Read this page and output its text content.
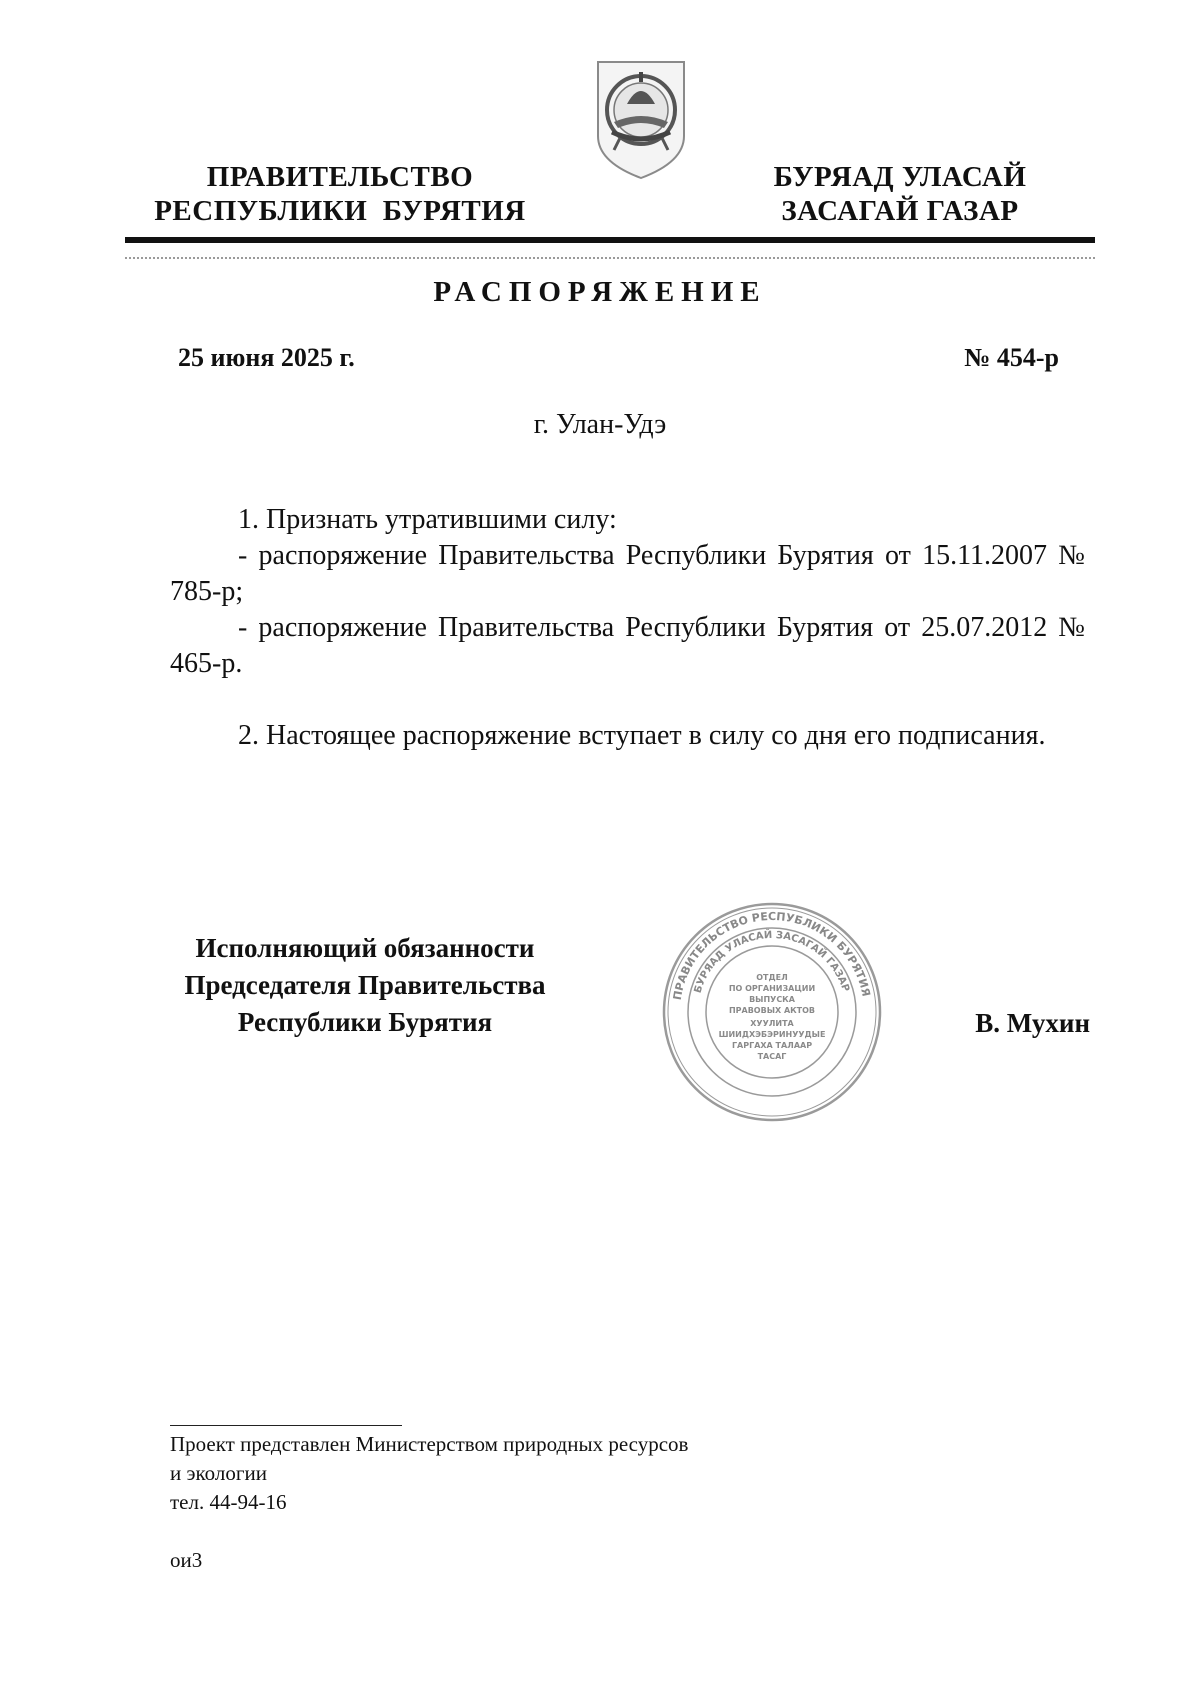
ПРАВИТЕЛЬСТВО
РЕСПУБЛИКИ  БУРЯТИЯ
БУРЯАД УЛАСАЙ
ЗАСАГАЙ ГАЗАР
РАСПОРЯЖЕНИЕ
25 июня 2025 г.	№ 454-р
г. Улан-Удэ

1. Признать утратившими силу:

- распоряжение Правительства Республики Бурятия от 15.11.2007 № 785-р;

- распоряжение Правительства Республики Бурятия от 25.07.2012 № 465-р.

2. Настоящее распоряжение вступает в силу со дня его подписания.

Исполняющий обязанности
Председателя Правительства
Республики Бурятия
ПРАВИТЕЛЬСТВО РЕСПУБЛИКИ БУРЯТИЯ
БУРЯАД УЛАСАЙ ЗАСАГАЙ ГАЗАР
ОТДЕЛ
ПО ОРГАНИЗАЦИИ
ВЫПУСКА
ПРАВОВЫХ АКТОВ
ХУУЛИТА
ШИИДХЭБЭРИНУУДЫЕ
ГАРГАХА ТАЛААР
ТАСАГ
В. Мухин
Проект представлен Министерством природных ресурсов
и экологии
тел. 44-94-16
ои3
